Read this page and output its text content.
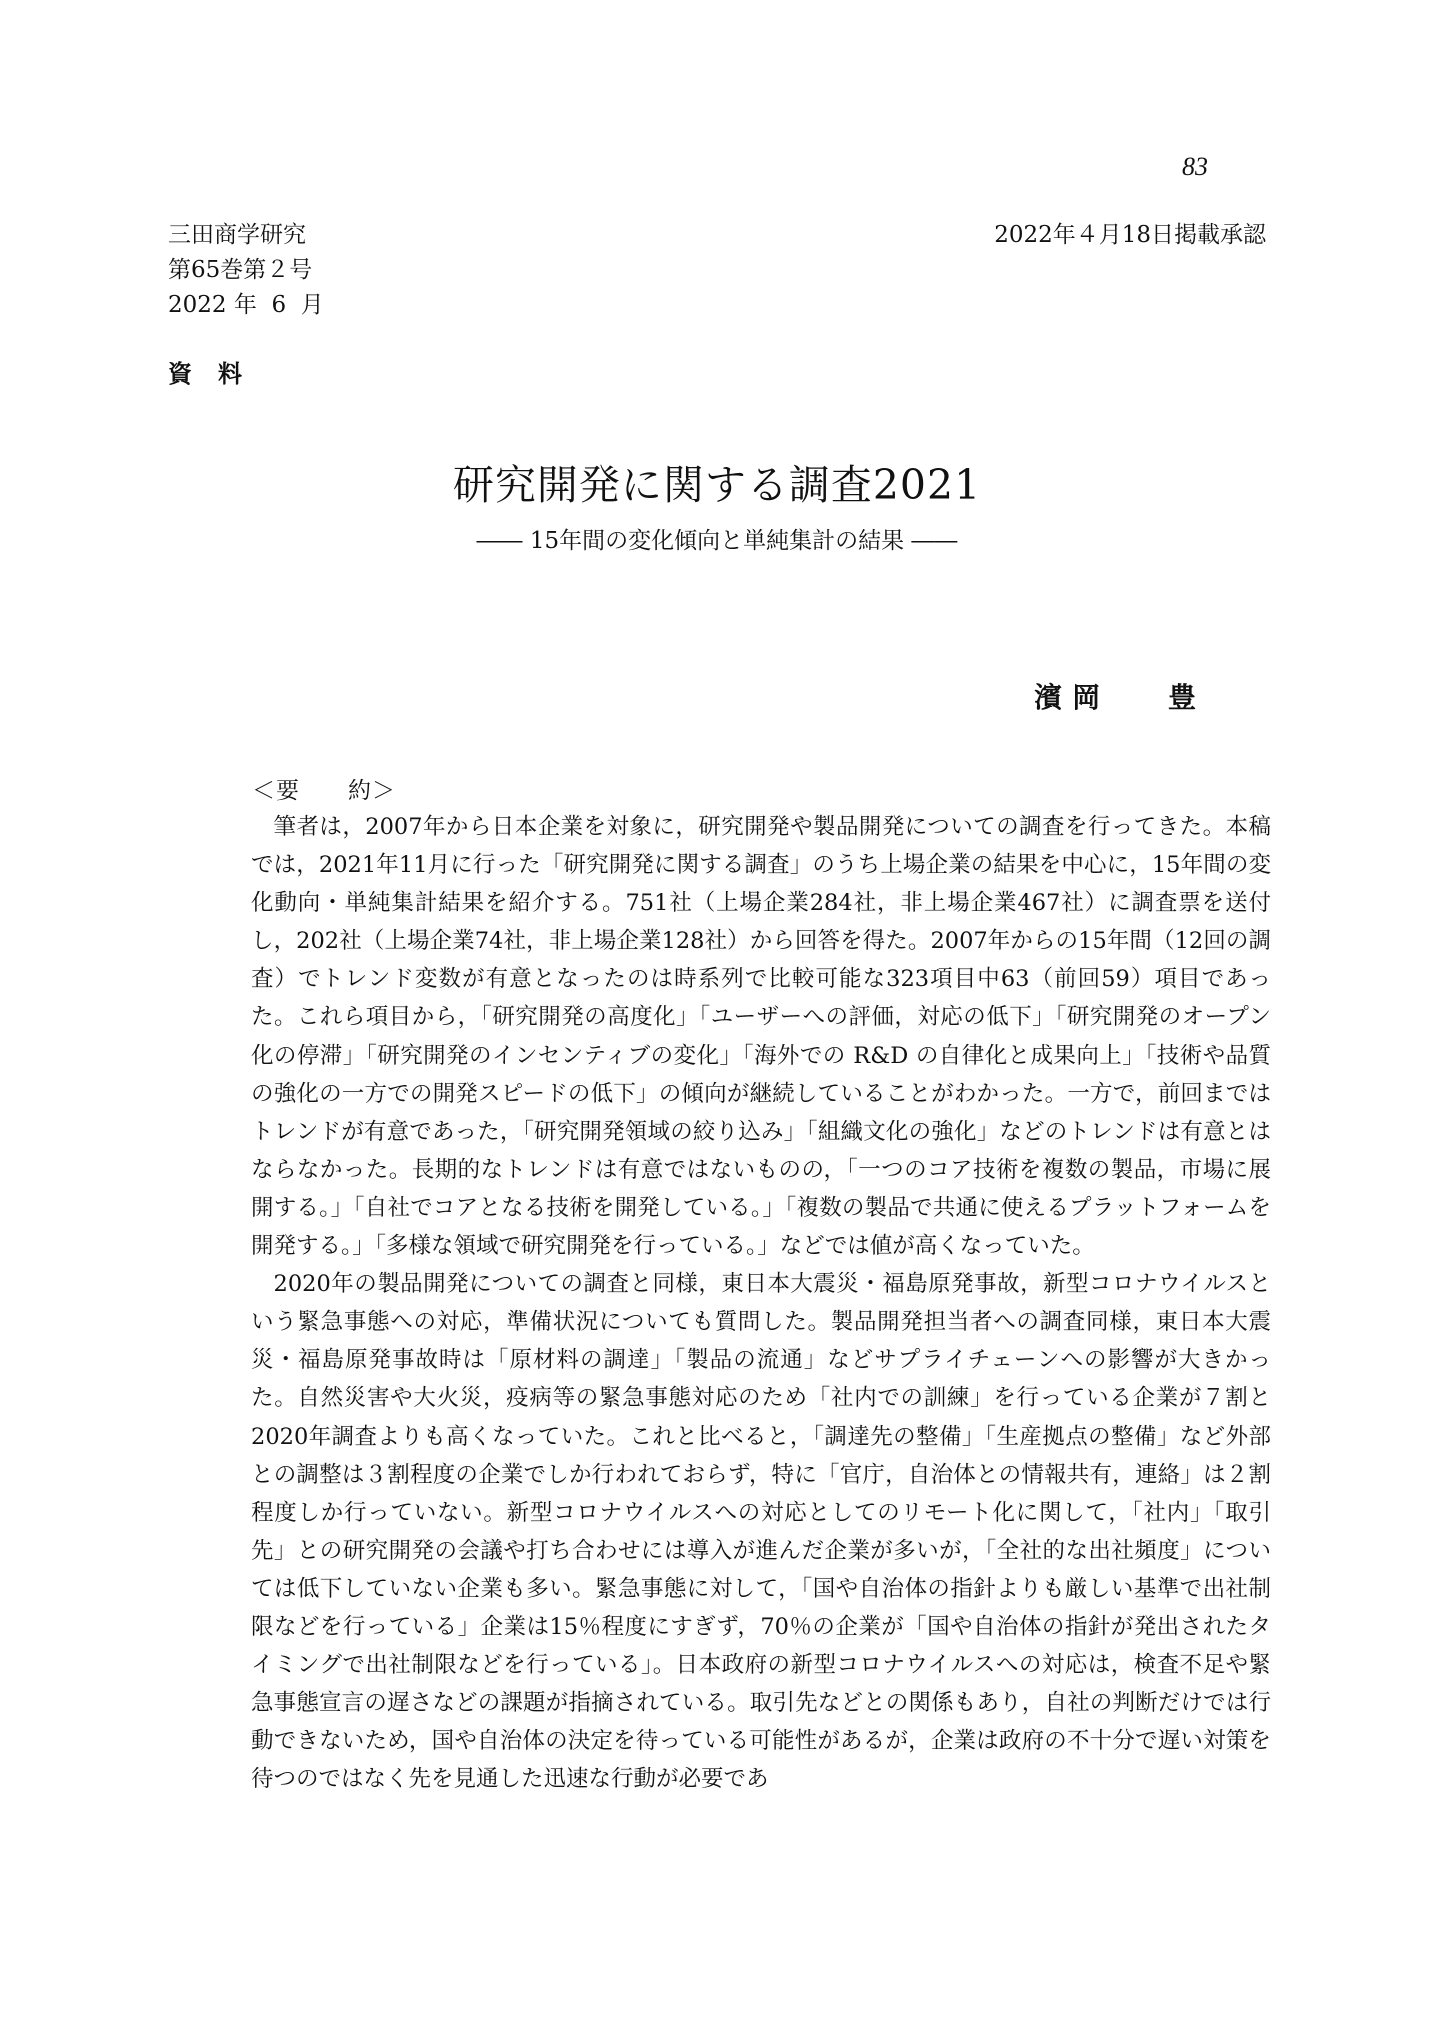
83
三田商学研究
第65巻第２号
2022 年  6  月
2022年４月18日掲載承認
資料
研究開発に関する調査2021
―― 15年間の変化傾向と単純集計の結果 ――
濱岡　 豊
＜要　　約＞

筆者は，2007年から日本企業を対象に，研究開発や製品開発についての調査を行ってきた。本稿では，2021年11月に行った「研究開発に関する調査」のうち上場企業の結果を中心に，15年間の変化動向・単純集計結果を紹介する。751社（上場企業284社，非上場企業467社）に調査票を送付し，202社（上場企業74社，非上場企業128社）から回答を得た。2007年からの15年間（12回の調査）でトレンド変数が有意となったのは時系列で比較可能な323項目中63（前回59）項目であった。これら項目から，「研究開発の高度化」「ユーザーへの評価，対応の低下」「研究開発のオープン化の停滞」「研究開発のインセンティブの変化」「海外での R&D の自律化と成果向上」「技術や品質の強化の一方での開発スピードの低下」の傾向が継続していることがわかった。一方で，前回まではトレンドが有意であった，「研究開発領域の絞り込み」「組織文化の強化」などのトレンドは有意とはならなかった。長期的なトレンドは有意ではないものの，「一つのコア技術を複数の製品，市場に展開する。」「自社でコアとなる技術を開発している。」「複数の製品で共通に使えるプラットフォームを開発する。」「多様な領域で研究開発を行っている。」などでは値が高くなっていた。

2020年の製品開発についての調査と同様，東日本大震災・福島原発事故，新型コロナウイルスという緊急事態への対応，準備状況についても質問した。製品開発担当者への調査同様，東日本大震災・福島原発事故時は「原材料の調達」「製品の流通」などサプライチェーンへの影響が大きかった。自然災害や大火災，疫病等の緊急事態対応のため「社内での訓練」を行っている企業が７割と2020年調査よりも高くなっていた。これと比べると，「調達先の整備」「生産拠点の整備」など外部との調整は３割程度の企業でしか行われておらず，特に「官庁，自治体との情報共有，連絡」は２割程度しか行っていない。新型コロナウイルスへの対応としてのリモート化に関して，「社内」「取引先」との研究開発の会議や打ち合わせには導入が進んだ企業が多いが，「全社的な出社頻度」については低下していない企業も多い。緊急事態に対して，「国や自治体の指針よりも厳しい基準で出社制限などを行っている」企業は15％程度にすぎず，70％の企業が「国や自治体の指針が発出されたタイミングで出社制限などを行っている」。日本政府の新型コロナウイルスへの対応は，検査不足や緊急事態宣言の遅さなどの課題が指摘されている。取引先などとの関係もあり，自社の判断だけでは行動できないため，国や自治体の決定を待っている可能性があるが，企業は政府の不十分で遅い対策を待つのではなく先を見通した迅速な行動が必要であ
